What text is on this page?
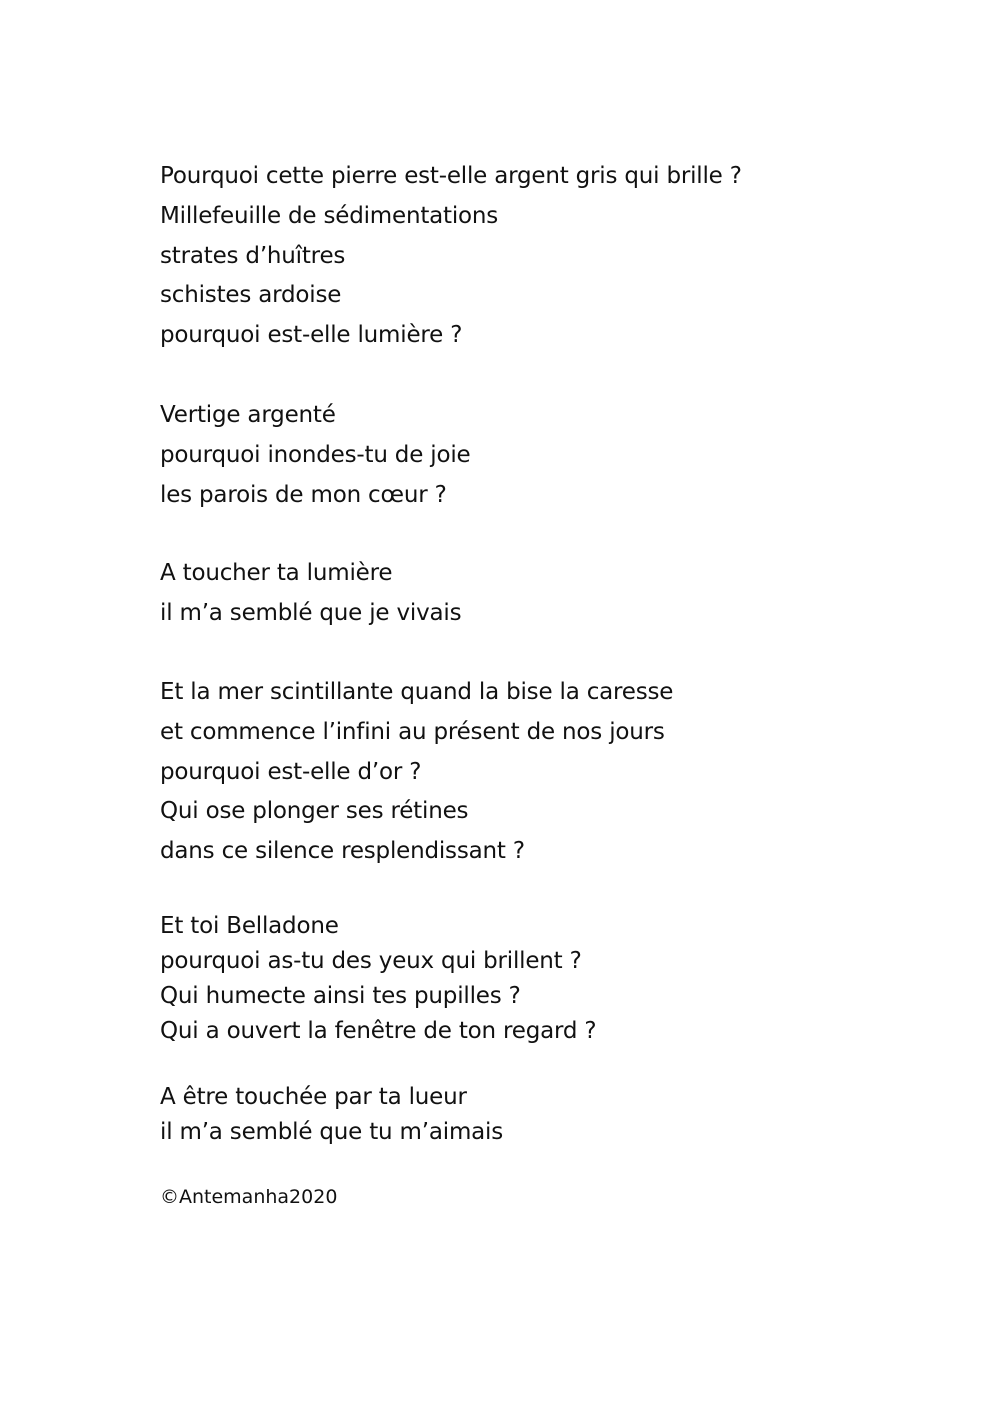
Pourquoi cette pierre est-elle argent gris qui brille ?
Millefeuille de sédimentations
strates d’huîtres
schistes ardoise
pourquoi est-elle lumière ?
Vertige argenté
pourquoi inondes-tu de joie
les parois de mon cœur ?
A toucher ta lumière
il m’a semblé que je vivais
Et la mer scintillante quand la bise la caresse
et commence l’infini au présent de nos jours
pourquoi est-elle d’or ?
Qui ose plonger ses rétines
dans ce silence resplendissant ?
Et toi Belladone
pourquoi as-tu des yeux qui brillent ?
Qui humecte ainsi tes pupilles ?
Qui a ouvert la fenêtre de ton regard ?
A être touchée par ta lueur
il m’a semblé que tu m’aimais
©Antemanha2020
